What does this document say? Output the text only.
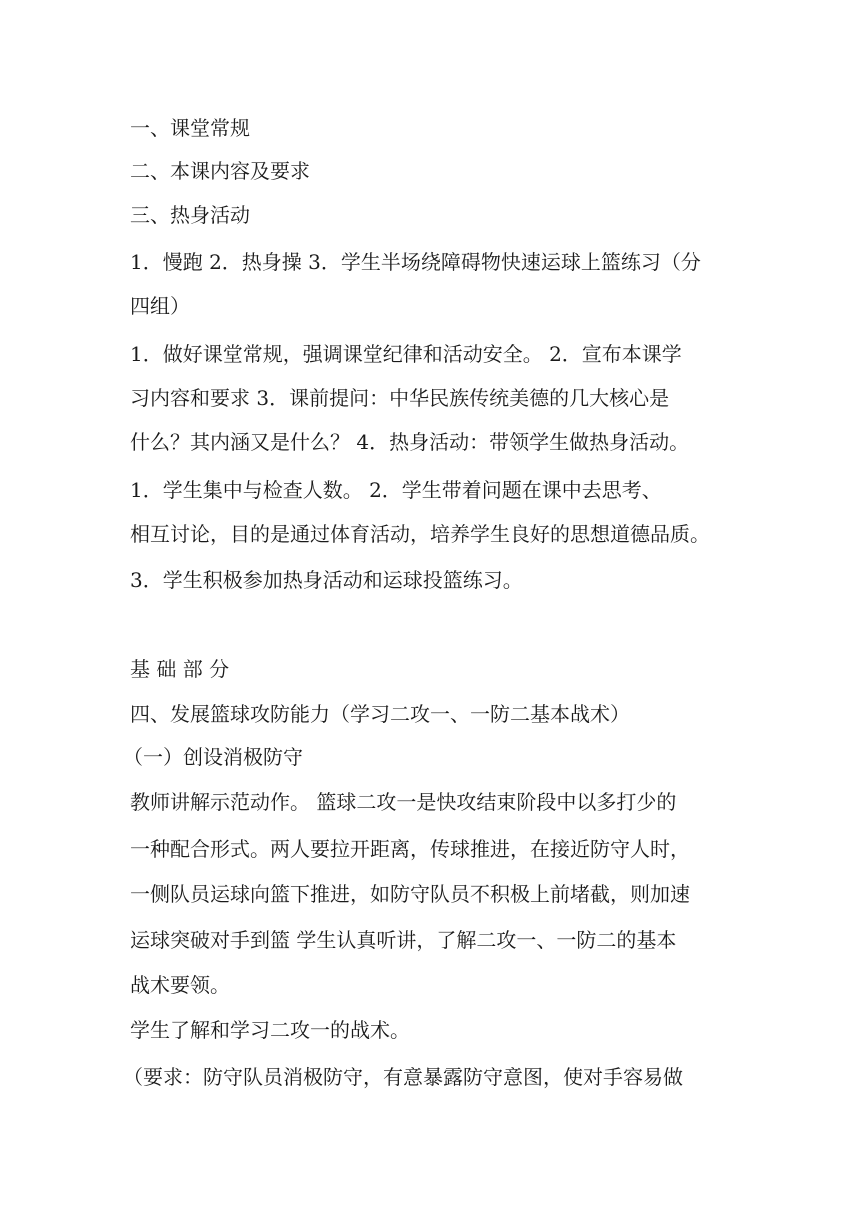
一、课堂常规
二、本课内容及要求
三、热身活动
1．慢跑 2．热身操 3．学生半场绕障碍物快速运球上篮练习（分
四组）
1．做好课堂常规，强调课堂纪律和活动安全。 2．宣布本课学
习内容和要求 3．课前提问：中华民族传统美德的几大核心是
什么？其内涵又是什么？ 4．热身活动：带领学生做热身活动。
1．学生集中与检查人数。 2．学生带着问题在课中去思考、
相互讨论，目的是通过体育活动，培养学生良好的思想道德品质。
3．学生积极参加热身活动和运球投篮练习。
基 础 部 分
四、发展篮球攻防能力（学习二攻一、一防二基本战术）
（一）创设消极防守
教师讲解示范动作。 篮球二攻一是快攻结束阶段中以多打少的
一种配合形式。两人要拉开距离，传球推进，在接近防守人时，
一侧队员运球向篮下推进，如防守队员不积极上前堵截，则加速
运球突破对手到篮 学生认真听讲，了解二攻一、一防二的基本
战术要领。
学生了解和学习二攻一的战术。
（要求：防守队员消极防守，有意暴露防守意图，使对手容易做
